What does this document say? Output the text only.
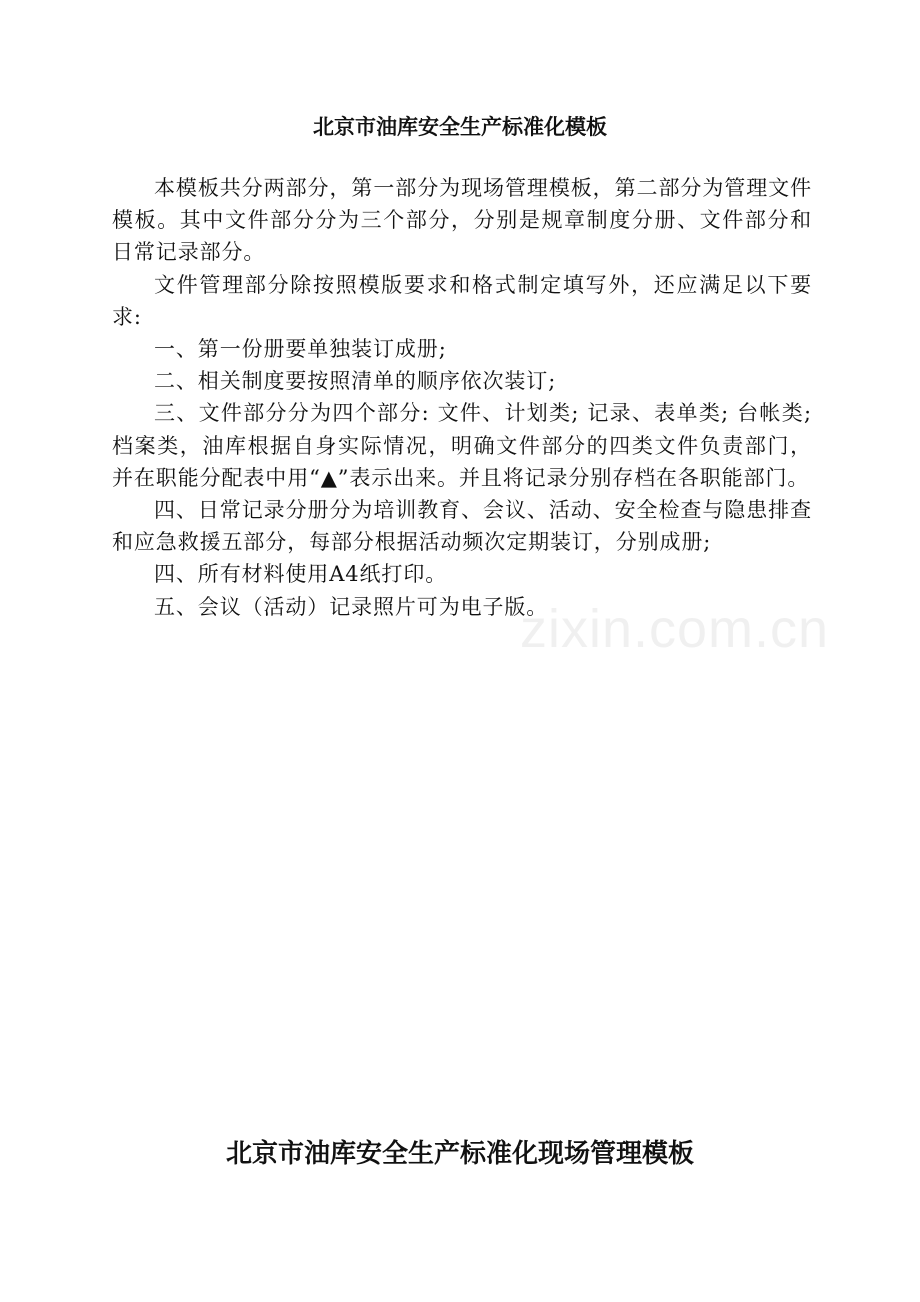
北京市油库安全生产标准化模板

本模板共分两部分，第一部分为现场管理模板，第二部分为管理文件模板。其中文件部分分为三个部分，分别是规章制度分册、文件部分和日常记录部分。

文件管理部分除按照模版要求和格式制定填写外，还应满足以下要求:

一、第一份册要单独装订成册;

二、相关制度要按照清单的顺序依次装订;

三、文件部分分为四个部分: 文件、计划类; 记录、表单类; 台帐类; 档案类，油库根据自身实际情况，明确文件部分的四类文件负责部门，并在职能分配表中用“▲”表示出来。并且将记录分别存档在各职能部门。

四、日常记录分册分为培训教育、会议、活动、安全检查与隐患排查和应急救援五部分，每部分根据活动频次定期装订，分别成册;

四、所有材料使用A4纸打印。

五、会议（活动）记录照片可为电子版。

zixin.com.cn
北京市油库安全生产标准化现场管理模板
